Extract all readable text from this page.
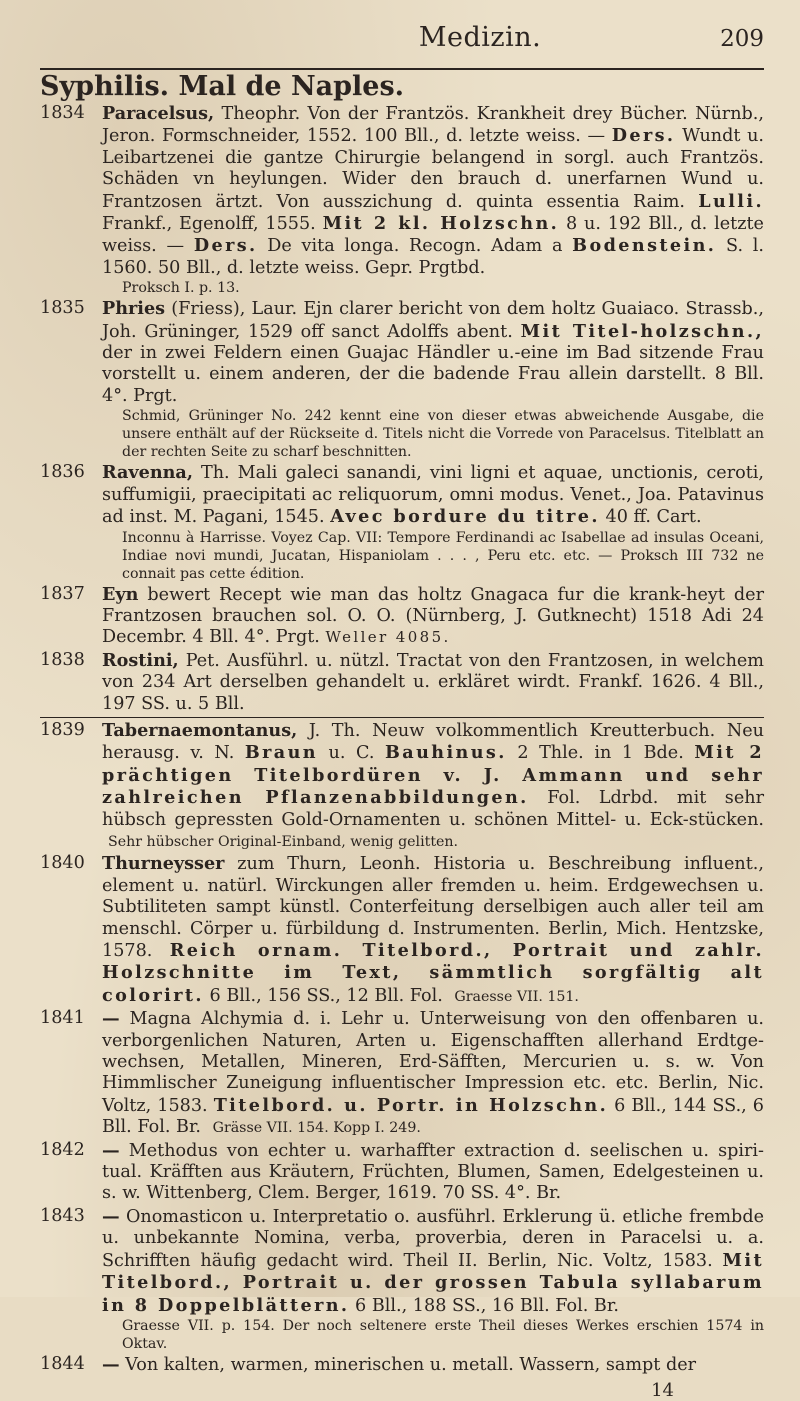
Medizin.	209
Syphilis. Mal de Naples.
1834 Paracelsus, Theophr. Von der Frantzös. Krankheit drey Bücher. Nürnb., Jeron. Formschneider, 1552. 100 Bll., d. letzte weiss. — Ders. Wundt u. Leibartzenei die gantze Chirurgie belangend in sorgl. auch Frantzös. Schäden vn heylungen. Wider den brauch d. unerfarnen Wund u. Frantzosen ärtzt. Von ausszichung d. quinta essentia Raim. Lulli. Frankf., Egenolff, 1555. Mit 2 kl. Holzschn. 8 u. 192 Bll., d. letzte weiss. — Ders. De vita longa. Recogn. Adam a Bodenstein. S. l. 1560. 50 Bll., d. letzte weiss. Gepr. Prgtbd.
Proksch I. p. 13.
1835 Phries (Friess), Laur. Ejn clarer bericht von dem holtz Guaiaco. Strassb., Joh. Grüninger, 1529 off sanct Adolffs abent. Mit Titel-holzschn., der in zwei Feldern einen Guajac Händler u.-eine im Bad sitzende Frau vorstellt u. einem anderen, der die badende Frau allein darstellt. 8 Bll. 4°. Prgt.
Schmid, Grüninger No. 242 kennt eine von dieser etwas abweichende Ausgabe, die unsere enthält auf der Rückseite d. Titels nicht die Vorrede von Paracelsus. Titelblatt an der rechten Seite zu scharf beschnitten.
1836 Ravenna, Th. Mali galeci sanandi, vini ligni et aquae, unctionis, ceroti, suffumigii, praecipitati ac reliquorum, omni modus. Venet., Joa. Patavinus ad inst. M. Pagani, 1545. Avec bordure du titre. 40 ff. Cart.
Inconnu à Harrisse. Voyez Cap. VII: Tempore Ferdinandi ac Isabellae ad insulas Oceani, Indiae novi mundi, Jucatan, Hispaniolam . . . , Peru etc. etc. — Proksch III 732 ne connait pas cette édition.
1837 Eyn bewert Recept wie man das holtz Gnagaca fur die krank-heyt der Frantzosen brauchen sol. O. O. (Nürnberg, J. Gutknecht) 1518 Adi 24 Decembr. 4 Bll. 4°. Prgt. Weller 4085.
1838 Rostini, Pet. Ausführl. u. nützl. Tractat von den Frantzosen, in welchem von 234 Art derselben gehandelt u. erkläret wirdt. Frankf. 1626. 4 Bll., 197 SS. u. 5 Bll.
1839 Tabernaemontanus, J. Th. Neuw volkommentlich Kreutterbuch. Neu herausg. v. N. Braun u. C. Bauhinus. 2 Thle. in 1 Bde. Mit 2 prächtigen Titelbordüren v. J. Ammann und sehr zahlreichen Pflanzenabbildungen. Fol. Ldrbd. mit sehr hübsch gepressten Gold-Ornamenten u. schönen Mittel- u. Eck-stücken. Sehr hübscher Original-Einband, wenig gelitten.
1840 Thurneysser zum Thurn, Leonh. Historia u. Beschreibung influent., element u. natürl. Wirckungen aller fremden u. heim. Erdgewechsen u. Subtiliteten sampt künstl. Conterfeitung derselbigen auch aller teil am menschl. Cörper u. fürbildung d. Instrumenten. Berlin, Mich. Hentzske, 1578. Reich ornam. Titelbord., Portrait und zahlr. Holzschnitte im Text, sämmtlich sorgfältig alt colorirt. 6 Bll., 156 SS., 12 Bll. Fol. Graesse VII. 151.
1841 — Magna Alchymia d. i. Lehr u. Unterweisung von den offenbaren u. verborgenlichen Naturen, Arten u. Eigenschafften allerhand Erdtge-wechsen, Metallen, Mineren, Erd-Säfften, Mercurien u. s. w. Von Himmlischer Zuneigung influentischer Impression etc. etc. Berlin, Nic. Voltz, 1583. Titelbord. u. Portr. in Holzschn. 6 Bll., 144 SS., 6 Bll. Fol. Br. Grässe VII. 154. Kopp I. 249.
1842 — Methodus von echter u. warhaffter extraction d. seelischen u. spiri-tual. Kräfften aus Kräutern, Früchten, Blumen, Samen, Edelgesteinen u. s. w. Wittenberg, Clem. Berger, 1619. 70 SS. 4°. Br.
1843 — Onomasticon u. Interpretatio o. ausführl. Erklerung ü. etliche frembde u. unbekannte Nomina, verba, proverbia, deren in Paracelsi u. a. Schrifften häufig gedacht wird. Theil II. Berlin, Nic. Voltz, 1583. Mit Titelbord., Portrait u. der grossen Tabula syllabarum in 8 Doppelblättern. 6 Bll., 188 SS., 16 Bll. Fol. Br.
Graesse VII. p. 154. Der noch seltenere erste Theil dieses Werkes erschien 1574 in Oktav.
1844 — Von kalten, warmen, minerischen u. metall. Wassern, sampt der
14
